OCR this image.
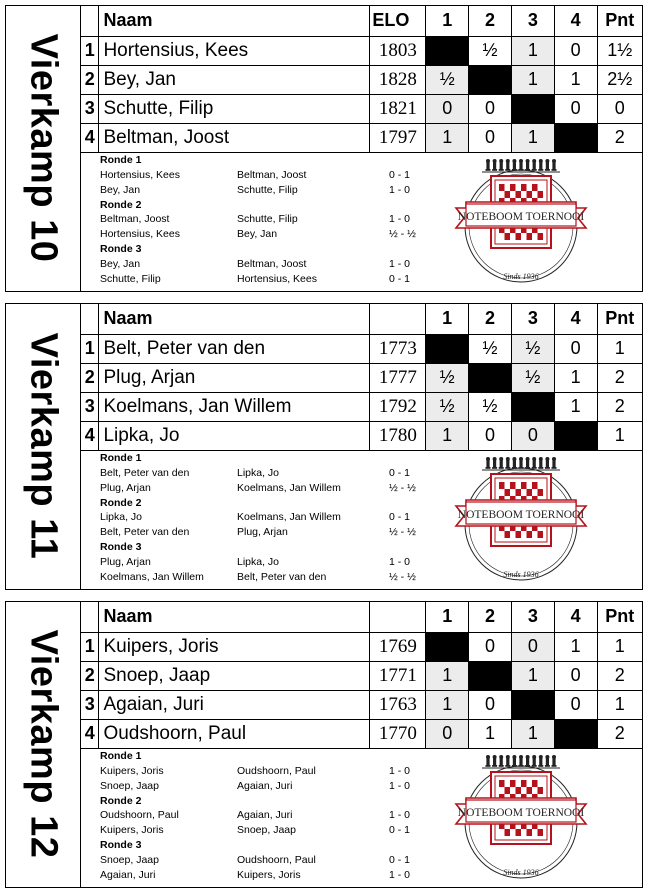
Vierkamp 10
	Naam	ELO	1	2	3	4	Pnt
1	Hortensius, Kees	1803		½	1	0	1½
2	Bey, Jan	1828	½		1	1	2½
3	Schutte, Filip	1821	0	0		0	0
4	Beltman, Joost	1797	1	0	1		2
Ronde 1
Hortensius, Kees	Beltman, Joost	0 - 1
Bey, Jan	Schutte, Filip	1 - 0
Ronde 2
Beltman, Joost	Schutte, Filip	1 - 0
Hortensius, Kees	Bey, Jan	½ - ½
Ronde 3
Bey, Jan	Beltman, Joost	1 - 0
Schutte, Filip	Hortensius, Kees	0 - 1
NOTEBOOM TOERNOOI
Sinds 1936
Vierkamp 11
	Naam		1	2	3	4	Pnt
1	Belt, Peter van den	1773		½	½	0	1
2	Plug, Arjan	1777	½		½	1	2
3	Koelmans, Jan Willem	1792	½	½		1	2
4	Lipka, Jo	1780	1	0	0		1
Ronde 1
Belt, Peter van den	Lipka, Jo	0 - 1
Plug, Arjan	Koelmans, Jan Willem	½ - ½
Ronde 2
Lipka, Jo	Koelmans, Jan Willem	0 - 1
Belt, Peter van den	Plug, Arjan	½ - ½
Ronde 3
Plug, Arjan	Lipka, Jo	1 - 0
Koelmans, Jan Willem	Belt, Peter van den	½ - ½
NOTEBOOM TOERNOOI
Sinds 1936
Vierkamp 12
	Naam		1	2	3	4	Pnt
1	Kuipers, Joris	1769		0	0	1	1
2	Snoep, Jaap	1771	1		1	0	2
3	Agaian, Juri	1763	1	0		0	1
4	Oudshoorn, Paul	1770	0	1	1		2
Ronde 1
Kuipers, Joris	Oudshoorn, Paul	1 - 0
Snoep, Jaap	Agaian, Juri	1 - 0
Ronde 2
Oudshoorn, Paul	Agaian, Juri	1 - 0
Kuipers, Joris	Snoep, Jaap	0 - 1
Ronde 3
Snoep, Jaap	Oudshoorn, Paul	0 - 1
Agaian, Juri	Kuipers, Joris	1 - 0
NOTEBOOM TOERNOOI
Sinds 1936
